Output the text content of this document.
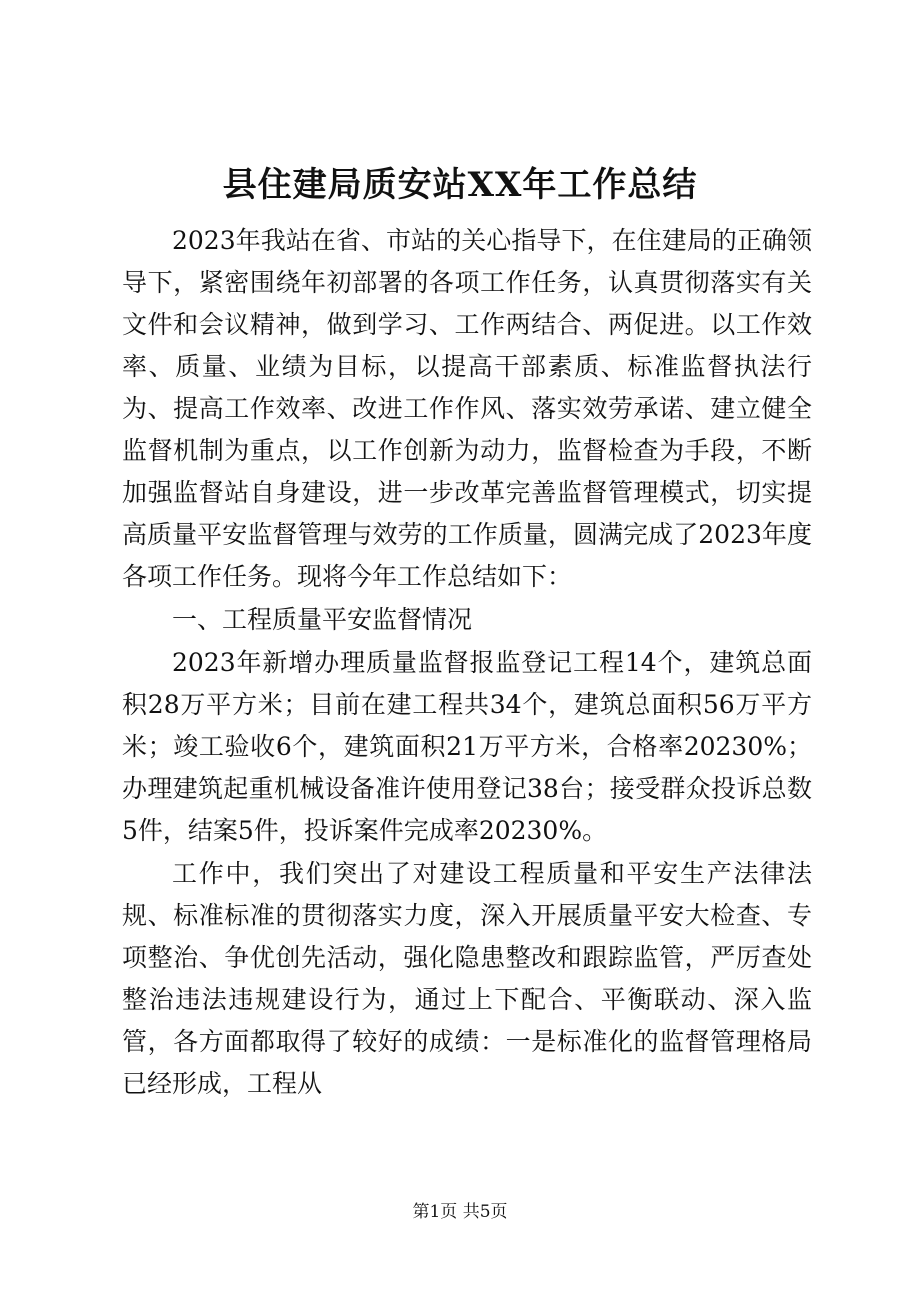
县住建局质安站XX年工作总结

2023年我站在省、市站的关心指导下，在住建局的正确领导下，紧密围绕年初部署的各项工作任务，认真贯彻落实有关文件和会议精神，做到学习、工作两结合、两促进。以工作效率、质量、业绩为目标，以提高干部素质、标准监督执法行为、提高工作效率、改进工作作风、落实效劳承诺、建立健全监督机制为重点，以工作创新为动力，监督检查为手段，不断加强监督站自身建设，进一步改革完善监督管理模式，切实提高质量平安监督管理与效劳的工作质量，圆满完成了2023年度各项工作任务。现将今年工作总结如下：

一、工程质量平安监督情况

2023年新增办理质量监督报监登记工程14个，建筑总面积28万平方米；目前在建工程共34个，建筑总面积56万平方米；竣工验收6个，建筑面积21万平方米，合格率20230%；办理建筑起重机械设备准许使用登记38台；接受群众投诉总数5件，结案5件，投诉案件完成率20230%。

工作中，我们突出了对建设工程质量和平安生产法律法规、标准标准的贯彻落实力度，深入开展质量平安大检查、专项整治、争优创先活动，强化隐患整改和跟踪监管，严厉查处整治违法违规建设行为，通过上下配合、平衡联动、深入监管，各方面都取得了较好的成绩：一是标准化的监督管理格局已经形成，工程从

第1页 共5页
